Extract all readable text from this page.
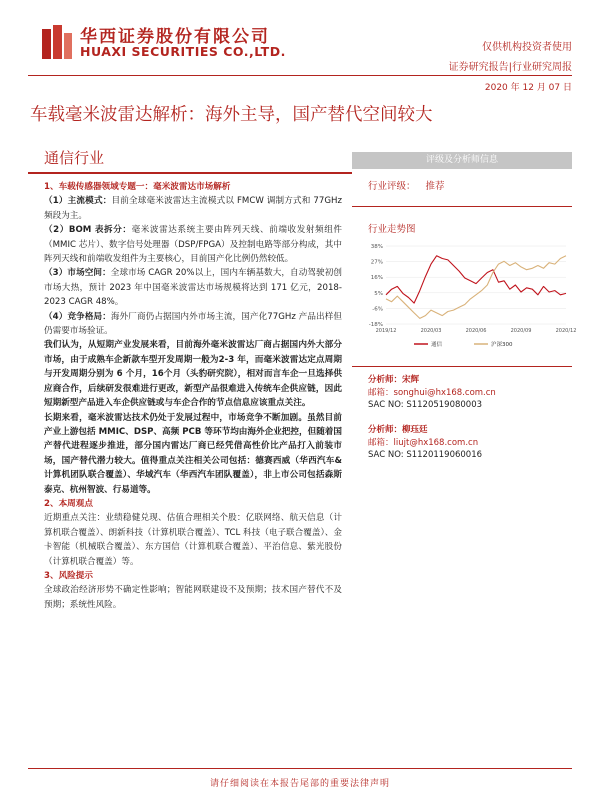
华西证券股份有限公司
HUAXI SECURITIES CO.,LTD.	仅供机构投资者使用
证券研究报告|行业研究周报
2020 年 12 月 07 日
车载毫米波雷达解析：海外主导，国产替代空间较大
通信行业

1、车载传感器领域专题一：毫米波雷达市场解析

（1）主流模式：目前全球毫米波雷达主流模式以 FMCW 调制方式和 77GHz 频段为主。

（2）BOM 表拆分：毫米波雷达系统主要由阵列天线、前端收发射频组件（MMIC 芯片）、数字信号处理器（DSP/FPGA）及控制电路等部分构成，其中阵列天线和前端收发组件为主要核心，目前国产化比例仍然较低。

（3）市场空间：全球市场 CAGR 20%以上，国内车辆基数大，自动驾驶初创市场大热，预计 2023 年中国毫米波雷达市场规模将达到 171 亿元，2018-2023 CAGR 48%。

（4）竞争格局：海外厂商仍占据国内外市场主流，国产化77GHz 产品出样但仍需要市场验证。

我们认为，从短期产业发展来看，目前海外毫米波雷达厂商占据国内外大部分市场，由于成熟车企新款车型开发周期一般为2-3 年，而毫米波雷达定点周期与开发周期分别为 6 个月，16个月（头豹研究院），相对而言车企一旦选择供应商合作，后续研发很难进行更改，新型产品很难进入传统车企供应链，因此短期新型产品进入车企供应链或与车企合作的节点信息应该重点关注。

长期来看，毫米波雷达技术仍处于发展过程中，市场竞争不断加剧。虽然目前产业上游包括 MMIC、DSP、高频 PCB 等环节均由海外企业把控，但随着国产替代进程逐步推进，部分国内雷达厂商已经凭借高性价比产品打入前装市场，国产替代潜力较大。值得重点关注相关公司包括：德赛西威（华西汽车&计算机团队联合覆盖）、华域汽车（华西汽车团队覆盖），非上市公司包括森斯泰克、杭州智波、行易道等。

2、本周观点

近期重点关注：业绩稳健兑现、估值合理相关个股：亿联网络、航天信息（计算机联合覆盖）、朗新科技（计算机联合覆盖）、TCL 科技（电子联合覆盖）、金卡智能（机械联合覆盖）、东方国信（计算机联合覆盖）、平治信息、紫光股份（计算机联合覆盖）等。

3、风险提示

全球政治经济形势不确定性影响；智能网联建设不及预期；技术国产替代不及预期；系统性风险。

评级及分析师信息
行业评级： 推荐
行业走势图
38%
27%
16%
5%
-6%
-18%
2019/12	2020/03	2020/06	2020/09	2020/12
通信	沪深300
分析师：宋辉
邮箱：songhui@hx168.com.cn
SAC NO: S1120519080003
分析师：柳珏廷
邮箱：liujt@hx168.com.cn
SAC NO: S1120119060016
请仔细阅读在本报告尾部的重要法律声明
